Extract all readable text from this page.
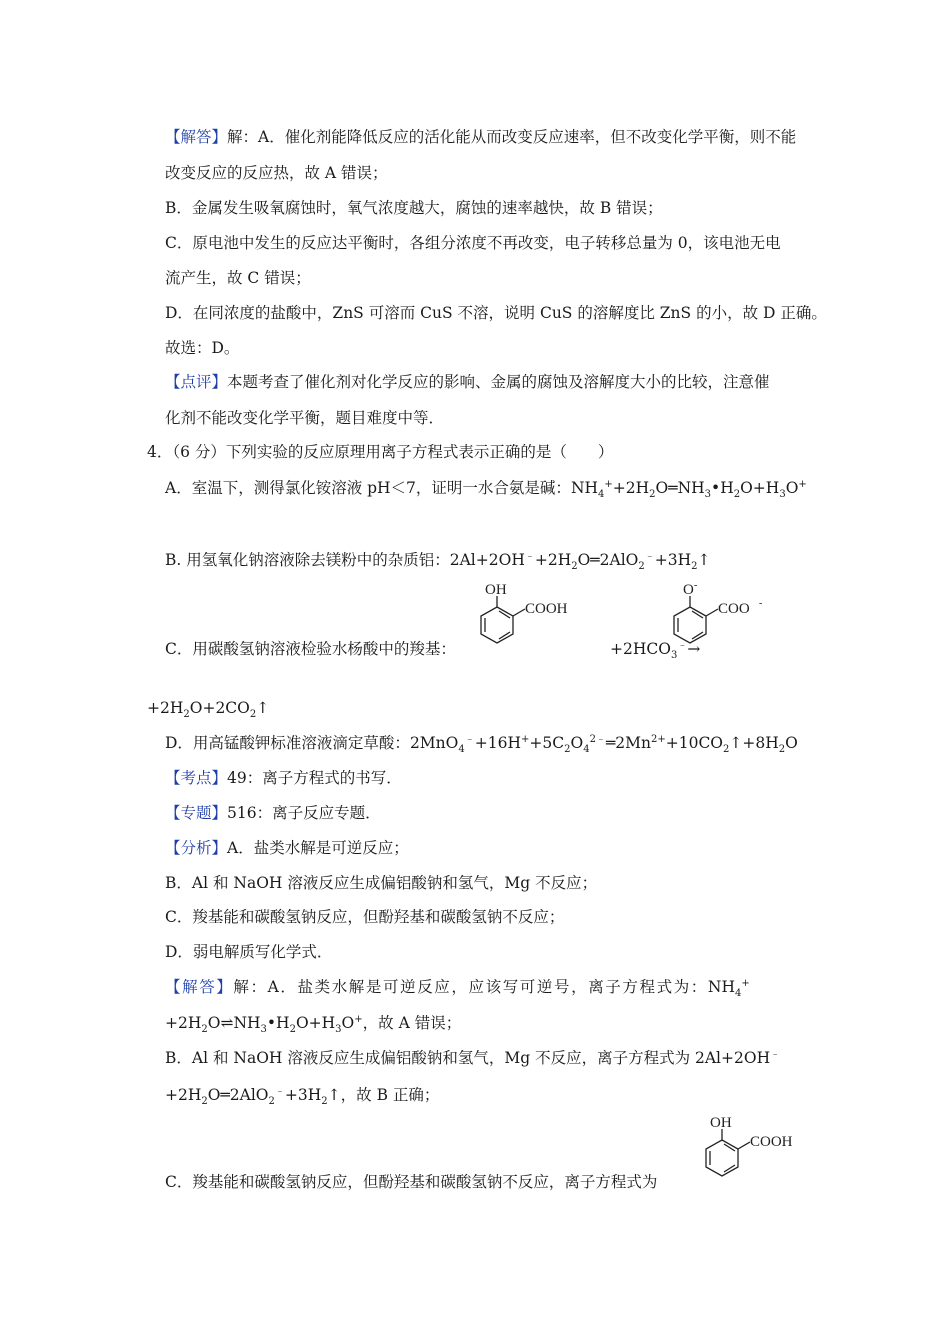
【解答】解：A．催化剂能降低反应的活化能从而改变反应速率，但不改变化学平衡，则不能
改变反应的反应热，故 A 错误；
B．金属发生吸氧腐蚀时，氧气浓度越大，腐蚀的速率越快，故 B 错误；
C．原电池中发生的反应达平衡时，各组分浓度不再改变，电子转移总量为 0，该电池无电
流产生，故 C 错误；
D．在同浓度的盐酸中，ZnS 可溶而 CuS 不溶，说明 CuS 的溶解度比 ZnS 的小，故 D 正确。
故选：D。
【点评】本题考查了催化剂对化学反应的影响、金属的腐蚀及溶解度大小的比较，注意催
化剂不能改变化学平衡，题目难度中等．
4．（6 分）下列实验的反应原理用离子方程式表示正确的是（　　）
A．室温下，测得氯化铵溶液 pH＜7，证明一水合氨是碱：$NH_4^++2H_2O═NH_3•H_2O+H_3O^+$
B. 用氢氧化钠溶液除去镁粉中的杂质铝：$2Al+2OH^﹣+2H_2O═2AlO_2^﹣+3H_2↑$
C．用碳酸氢钠溶液检验水杨酸中的羧基：
OH
COOH
$+2HCO_3^﹣\to$
O -
COO -
$+2H_2O+2CO_2↑$
D．用高锰酸钾标准溶液滴定草酸：$2MnO_4^﹣+16H^++5C_2O_4^{2﹣}═2Mn^{2+}+10CO_2↑+8H_2O$
【考点】49：离子方程式的书写．
【专题】516：离子反应专题．
【分析】A．盐类水解是可逆反应；
B．Al 和 NaOH 溶液反应生成偏铝酸钠和氢气，Mg 不反应；
C．羧基能和碳酸氢钠反应，但酚羟基和碳酸氢钠不反应；
D．弱电解质写化学式．
【解答】解：A．盐类水解是可逆反应，应该写可逆号，离子方程式为：$NH_4^+$
$+2H_2O\rightleftharpoons NH_3•H_2O+H_3O^+$，故 A 错误；
B．Al 和 NaOH 溶液反应生成偏铝酸钠和氢气，Mg 不反应，离子方程式为 2Al+2OH﹣
$+2H_2O═2AlO_2^﹣+3H_2↑$，故 B 正确；
C．羧基能和碳酸氢钠反应，但酚羟基和碳酸氢钠不反应，离子方程式为
OH
COOH
